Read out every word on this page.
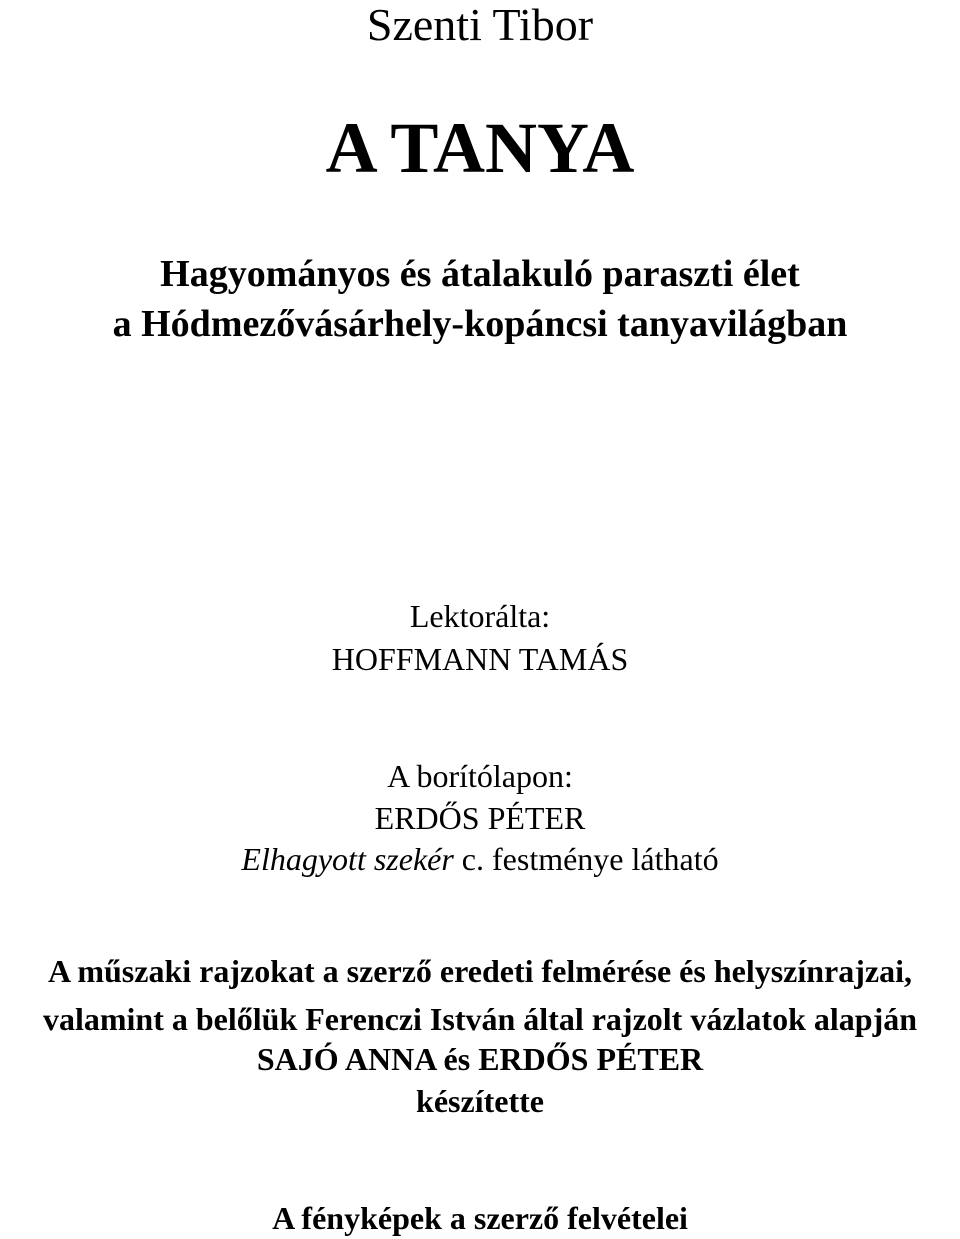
Szenti Tibor
A TANYA
Hagyományos és átalakuló paraszti élet
a Hódmezővásárhely-kopáncsi tanyavilágban
Lektorálta:
HOFFMANN TAMÁS
A borítólapon:
ERDŐS PÉTER
Elhagyott szekér c. festménye látható
A műszaki rajzokat a szerző eredeti felmérése és helyszínrajzai,
valamint a belőlük Ferenczi István által rajzolt vázlatok alapján
SAJÓ ANNA és ERDŐS PÉTER
készítette
A fényképek a szerző felvételei
